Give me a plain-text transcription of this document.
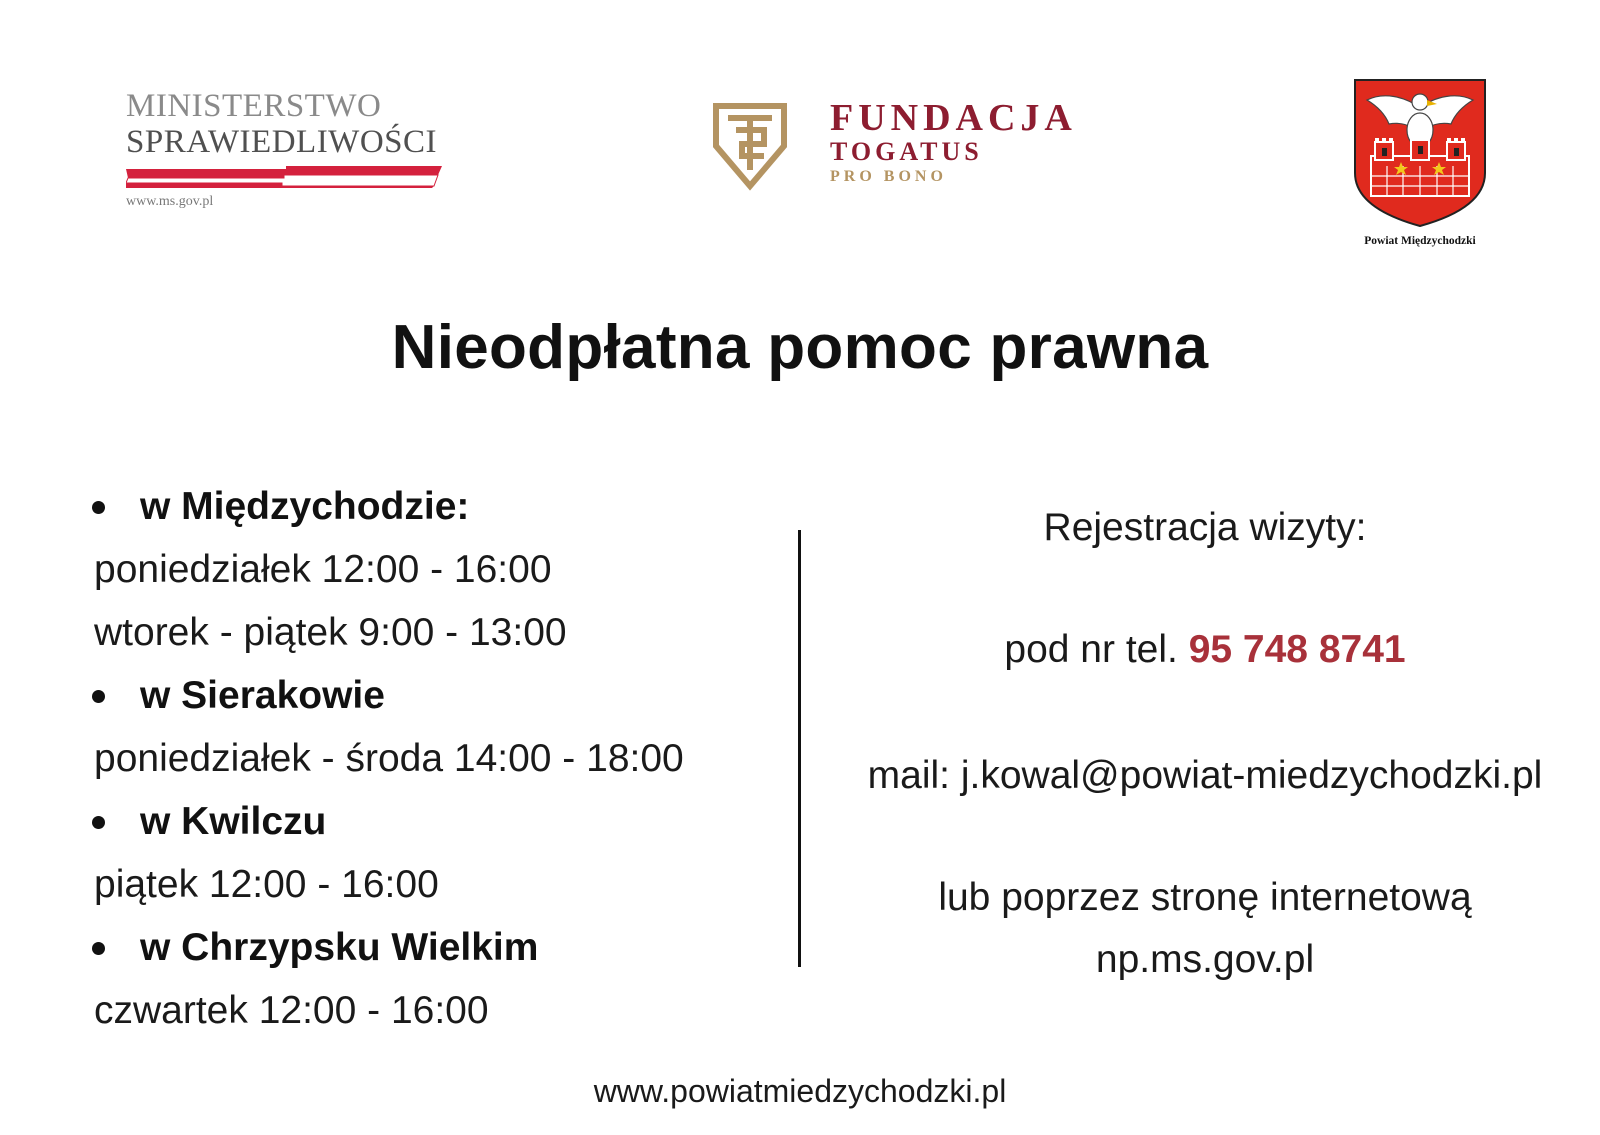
MINISTERSTWO
SPRAWIEDLIWOŚCI
www.ms.gov.pl
FUNDACJA
TOGATUS
PRO BONO
Powiat Międzychodzki
Nieodpłatna pomoc prawna
w Międzychodzie:
poniedziałek 12:00 - 16:00
wtorek - piątek 9:00 - 13:00
w Sierakowie
poniedziałek - środa 14:00 - 18:00
w Kwilczu
piątek 12:00 - 16:00
w Chrzypsku Wielkim
czwartek 12:00 - 16:00
Rejestracja wizyty:
pod nr tel. 95 748 8741
mail: j.kowal@powiat-miedzychodzki.pl
lub poprzez stronę internetową
np.ms.gov.pl
www.powiatmiedzychodzki.pl
